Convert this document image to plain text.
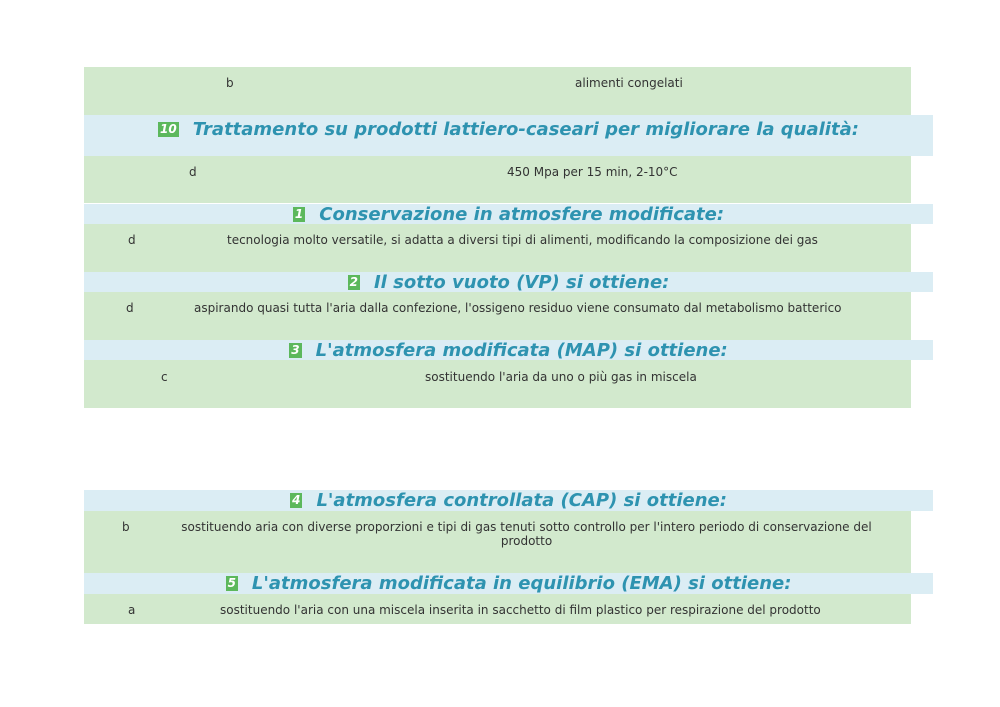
b	alimenti congelati
10 Trattamento su prodotti lattiero-caseari per migliorare la qualità:
d	450 Mpa per 15 min, 2-10°C
1 Conservazione in atmosfere modificate:
d	tecnologia molto versatile, si adatta a diversi tipi di alimenti, modificando la composizione dei gas
2 Il sotto vuoto (VP) si ottiene:
d	aspirando quasi tutta l'aria dalla confezione, l'ossigeno residuo viene consumato dal metabolismo batterico
3 L'atmosfera modificata (MAP) si ottiene:
c	sostituendo l'aria da uno o più gas in miscela
4 L'atmosfera controllata (CAP) si ottiene:
b	sostituendo aria con diverse proporzioni e tipi di gas tenuti sotto controllo per l'intero periodo di conservazione del prodotto
5 L'atmosfera modificata in equilibrio (EMA) si ottiene:
a	sostituendo l'aria con una miscela inserita in sacchetto di film plastico per respirazione del prodotto
